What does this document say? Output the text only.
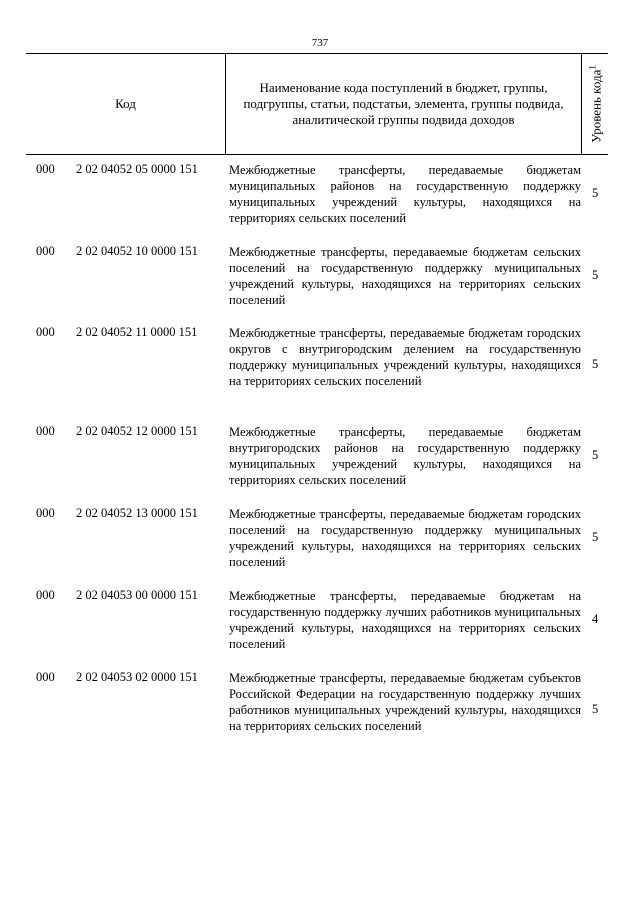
737
Код
Наименование кода поступлений в бюджет, группы, подгруппы, статьи, подстатьи, элемента, группы подвида, аналитической группы подвида доходов	Уровень кода$^1$
000 2 02 04052 05 0000 151 Межбюджетные трансферты, передаваемые бюджетам муниципальных районов на государственную поддержку муниципальных учреждений культуры, находящихся на территориях сельских поселений
5
000 2 02 04052 10 0000 151 Межбюджетные трансферты, передаваемые бюджетам сельских поселений на государственную поддержку муниципальных учреждений культуры, находящихся на территориях сельских поселений
5
000 2 02 04052 11 0000 151	Межбюджетные трансферты, передаваемые бюджетам городских округов с внутригородским делением на государственную поддержку муниципальных учреждений культуры, находящихся на территориях сельских поселений
5
000 2 02 04052 12 0000 151 Межбюджетные трансферты, передаваемые бюджетам внутригородских районов на государственную поддержку муниципальных учреждений культуры, находящихся на территориях сельских поселений
5
000 2 02 04052 13 0000 151 Межбюджетные трансферты, передаваемые бюджетам городских поселений на государственную поддержку муниципальных учреждений культуры, находящихся на территориях сельских поселений
5
000 2 02 04053 00 0000 151 Межбюджетные трансферты, передаваемые бюджетам на государственную поддержку лучших работников муниципальных учреждений культуры, находящихся на территориях сельских поселений
4
000 2 02 04053 02 0000 151 Межбюджетные трансферты, передаваемые бюджетам субъектов Российской Федерации на государственную поддержку лучших работников муниципальных учреждений культуры, находящихся на территориях сельских поселений
5
